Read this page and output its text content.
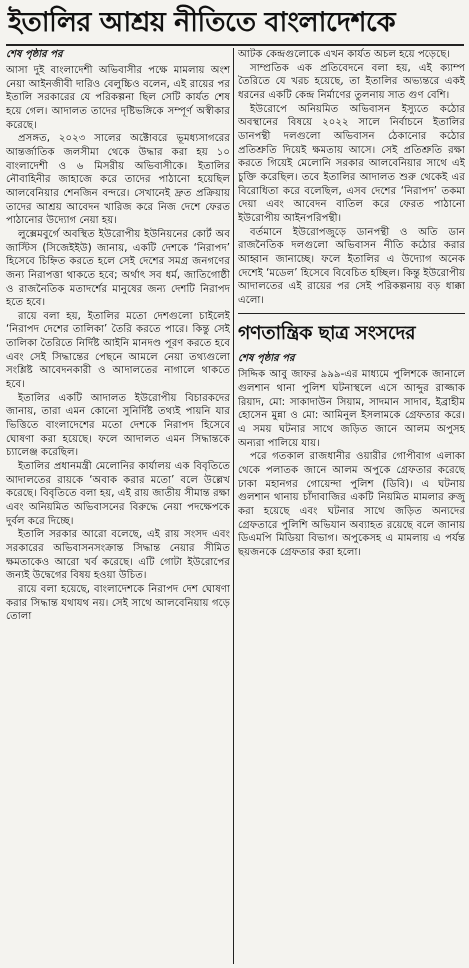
ইতালির আশ্রয় নীতিতে বাংলাদেশকে
শেষ পৃষ্ঠার পর

আসা দুই বাংলাদেশী অভিবাসীর পক্ষে মামলায় অংশ নেয়া আইনজীবী দারিও বেলুচ্চিও বলেন, এই রায়ের পর ইতালি সরকারের যে পরিকল্পনা ছিল সেটি কার্যত শেষ হয়ে গেল। আদালত তাদের দৃষ্টিভঙ্গিকে সম্পূর্ণ অস্বীকার করেছে।

প্রসঙ্গত, ২০২৩ সালের অক্টোবরে ভূমধ্যসাগরের আন্তর্জাতিক জলসীমা থেকে উদ্ধার করা হয় ১০ বাংলাদেশী ও ৬ মিসরীয় অভিবাসীকে। ইতালির নৌবাহিনীর জাহাজে করে তাদের পাঠানো হয়েছিল আলবেনিয়ার শেনজিন বন্দরে। সেখানেই দ্রুত প্রক্রিয়ায় তাদের আশ্রয় আবেদন খারিজ করে নিজ দেশে ফেরত পাঠানোর উদ্যোগ নেয়া হয়।

লুক্সেমবুর্গে অবস্থিত ইউরোপীয় ইউনিয়নের কোর্ট অব জাস্টিস (সিজেইইউ) জানায়, একটি দেশকে ‘নিরাপদ’ হিসেবে চিহ্নিত করতে হলে সেই দেশের সমগ্র জনগণের জন্য নিরাপত্তা থাকতে হবে; অর্থাৎ সব ধর্ম, জাতিগোষ্ঠী ও রাজনৈতিক মতাদর্শের মানুষের জন্য দেশটি নিরাপদ হতে হবে।

রায়ে বলা হয়, ইতালির মতো দেশগুলো চাইলেই ‘নিরাপদ দেশের তালিকা’ তৈরি করতে পারে। কিন্তু সেই তালিকা তৈরিতে নির্দিষ্ট আইনি মানদণ্ড পূরণ করতে হবে এবং সেই সিদ্ধান্তের পেছনে আমলে নেয়া তথ্যগুলো সংশ্লিষ্ট আবেদনকারী ও আদালতের নাগালে থাকতে হবে।

ইতালির একটি আদালত ইউরোপীয় বিচারকদের জানায়, তারা এমন কোনো সুনির্দিষ্ট তথ্যই পায়নি যার ভিত্তিতে বাংলাদেশের মতো দেশকে নিরাপদ হিসেবে ঘোষণা করা হয়েছে। ফলে আদালত এমন সিদ্ধান্তকে চ্যালেঞ্জ করেছিল।

ইতালির প্রধানমন্ত্রী মেলোনির কার্যালয় এক বিবৃতিতে আদালতের রায়কে ‘অবাক করার মতো’ বলে উল্লেখ করেছে। বিবৃতিতে বলা হয়, এই রায় জাতীয় সীমান্ত রক্ষা এবং অনিয়মিত অভিবাসনের বিরুদ্ধে নেয়া পদক্ষেপকে দুর্বল করে দিচ্ছে।

ইতালি সরকার আরো বলেছে, এই রায় সংসদ এবং সরকারের অভিবাসনসংক্রান্ত সিদ্ধান্ত নেয়ার সীমিত ক্ষমতাকেও আরো খর্ব করেছে। এটি গোটা ইউরোপের জন্যই উদ্বেগের বিষয় হওয়া উচিত।

রায়ে বলা হয়েছে, বাংলাদেশকে নিরাপদ দেশ ঘোষণা করার সিদ্ধান্ত যথাযথ নয়। সেই সাথে আলবেনিয়ায় গড়ে তোলা

আটক কেন্দ্রগুলোকে এখন কার্যত অচল হয়ে পড়েছে।

সাম্প্রতিক এক প্রতিবেদনে বলা হয়, এই ক্যাম্প তৈরিতে যে খরচ হয়েছে, তা ইতালির অভ্যন্তরে একই ধরনের একটি কেন্দ্র নির্মাণের তুলনায় সাত গুণ বেশি।

ইউরোপে অনিয়মিত অভিবাসন ইস্যুতে কঠোর অবস্থানের বিষয়ে ২০২২ সালে নির্বাচনে ইতালির ডানপন্থী দলগুলো অভিবাসন ঠেকানোর কঠোর প্রতিশ্রুতি দিয়েই ক্ষমতায় আসে। সেই প্রতিশ্রুতি রক্ষা করতে গিয়েই মেলোনি সরকার আলবেনিয়ার সাথে এই চুক্তি করেছিল। তবে ইতালির আদালত শুরু থেকেই এর বিরোধিতা করে বলেছিল, এসব দেশের ‘নিরাপদ’ তকমা দেয়া এবং আবেদন বাতিল করে ফেরত পাঠানো ইউরোপীয় আইনপরিপন্থী।

বর্তমানে ইউরোপজুড়ে ডানপন্থী ও অতি ডান রাজনৈতিক দলগুলো অভিবাসন নীতি কঠোর করার আহ্বান জানাচ্ছে। ফলে ইতালির এ উদ্যোগ অনেক দেশেই ‘মডেল’ হিসেবে বিবেচিত হচ্ছিল। কিন্তু ইউরোপীয় আদালতের এই রায়ের পর সেই পরিকল্পনায় বড় ধাক্কা এলো।

গণতান্ত্রিক ছাত্র সংসদের
শেষ পৃষ্ঠার পর

সিদ্দিক আবু জাফর ৯৯৯-এর মাধ্যমে পুলিশকে জানালে গুলশান থানা পুলিশ ঘটনাস্থলে এসে আব্দুর রাজ্জাক রিয়াদ, মো: সাকাদাউন সিয়াম, সাদমান সাদাব, ইব্রাহীম হোসেন মুন্না ও মো: আমিনুল ইসলামকে গ্রেফতার করে। এ সময় ঘটনার সাথে জড়িত জানে আলম অপুসহ অন্যরা পালিয়ে যায়।

পরে গতকাল রাজধানীর ওয়ারীর গোপীবাগ এলাকা থেকে পলাতক জানে আলম অপুকে গ্রেফতার করেছে ঢাকা মহানগর গোয়েন্দা পুলিশ (ডিবি)। এ ঘটনায় গুলশান থানায় চাঁদাবাজির একটি নিয়মিত মামলার রুজু করা হয়েছে এবং ঘটনার সাথে জড়িত অন্যদের গ্রেফতারে পুলিশি অভিযান অব্যাহত রয়েছে বলে জানায় ডিএমপি মিডিয়া বিভাগ। অপুকেসহ এ মামলায় এ পর্যন্ত ছয়জনকে গ্রেফতার করা হলো।
